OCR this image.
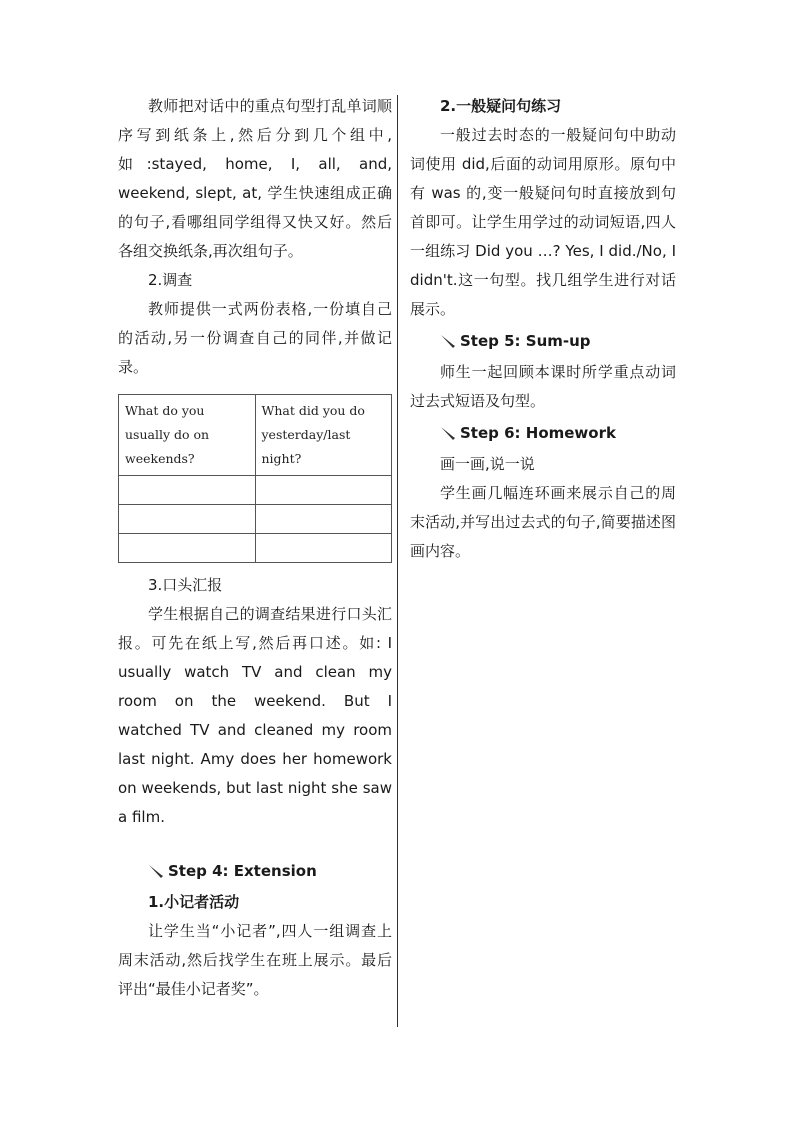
教师把对话中的重点句型打乱单词顺序写到纸条上,然后分到几个组中,如:stayed, home, I, all, and, weekend, slept, at, 学生快速组成正确的句子,看哪组同学组得又快又好。然后各组交换纸条,再次组句子。

2.调查

教师提供一式两份表格,一份填自己的活动,另一份调查自己的同伴,并做记录。

What do you usually do on weekends?	What did you do yesterday/last night?

3.口头汇报

学生根据自己的调查结果进行口头汇报。可先在纸上写,然后再口述。如: I usually watch TV and clean my room on the weekend. But I watched TV and cleaned my room last night. Amy does her homework on weekends, but last night she saw a film.

Step 4: Extension

1.小记者活动

让学生当“小记者”,四人一组调查上周末活动,然后找学生在班上展示。最后评出“最佳小记者奖”。

2.一般疑问句练习

一般过去时态的一般疑问句中助动词使用 did,后面的动词用原形。原句中有 was 的,变一般疑问句时直接放到句首即可。让学生用学过的动词短语,四人一组练习 Did you …? Yes, I did./No, I didn't.这一句型。找几组学生进行对话展示。

Step 5: Sum-up

师生一起回顾本课时所学重点动词过去式短语及句型。

Step 6: Homework

画一画,说一说

学生画几幅连环画来展示自己的周末活动,并写出过去式的句子,简要描述图画内容。
